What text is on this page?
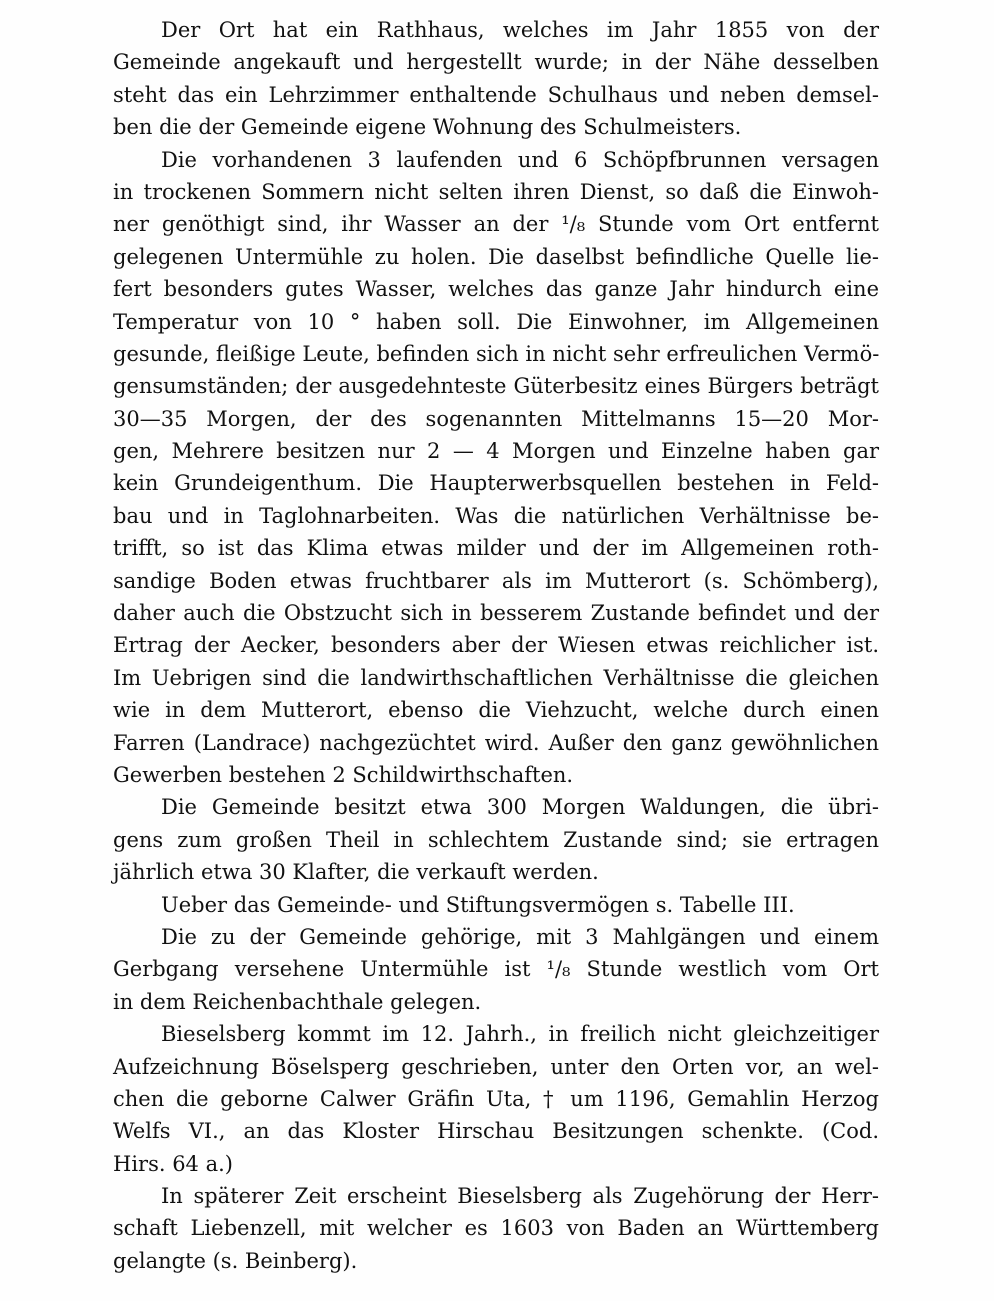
Der Ort hat ein Rathhaus, welches im Jahr 1855 von der
Gemeinde angekauft und hergestellt wurde; in der Nähe desselben
steht das ein Lehrzimmer enthaltende Schulhaus und neben demsel-
ben die der Gemeinde eigene Wohnung des Schulmeisters.
Die vorhandenen 3 laufenden und 6 Schöpfbrunnen versagen
in trockenen Sommern nicht selten ihren Dienst, so daß die Einwoh-
ner genöthigt sind, ihr Wasser an der ¹/₈ Stunde vom Ort entfernt
gelegenen Untermühle zu holen. Die daselbst befindliche Quelle lie-
fert besonders gutes Wasser, welches das ganze Jahr hindurch eine
Temperatur von 10 ° haben soll. Die Einwohner, im Allgemeinen
gesunde, fleißige Leute, befinden sich in nicht sehr erfreulichen Vermö-
gensumständen; der ausgedehnteste Güterbesitz eines Bürgers beträgt
30—35 Morgen, der des sogenannten Mittelmanns 15—20 Mor-
gen, Mehrere besitzen nur 2 — 4 Morgen und Einzelne haben gar
kein Grundeigenthum. Die Haupterwerbsquellen bestehen in Feld-
bau und in Taglohnarbeiten. Was die natürlichen Verhältnisse be-
trifft, so ist das Klima etwas milder und der im Allgemeinen roth-
sandige Boden etwas fruchtbarer als im Mutterort (s. Schömberg),
daher auch die Obstzucht sich in besserem Zustande befindet und der
Ertrag der Aecker, besonders aber der Wiesen etwas reichlicher ist.
Im Uebrigen sind die landwirthschaftlichen Verhältnisse die gleichen
wie in dem Mutterort, ebenso die Viehzucht, welche durch einen
Farren (Landrace) nachgezüchtet wird. Außer den ganz gewöhnlichen
Gewerben bestehen 2 Schildwirthschaften.
Die Gemeinde besitzt etwa 300 Morgen Waldungen, die übri-
gens zum großen Theil in schlechtem Zustande sind; sie ertragen
jährlich etwa 30 Klafter, die verkauft werden.
Ueber das Gemeinde- und Stiftungsvermögen s. Tabelle III.
Die zu der Gemeinde gehörige, mit 3 Mahlgängen und einem
Gerbgang versehene Untermühle ist ¹/₈ Stunde westlich vom Ort
in dem Reichenbachthale gelegen.
Bieselsberg kommt im 12. Jahrh., in freilich nicht gleichzeitiger
Aufzeichnung Böselsperg geschrieben, unter den Orten vor, an wel-
chen die geborne Calwer Gräfin Uta, † um 1196, Gemahlin Herzog
Welfs VI., an das Kloster Hirschau Besitzungen schenkte. (Cod.
Hirs. 64 a.)
In späterer Zeit erscheint Bieselsberg als Zugehörung der Herr-
schaft Liebenzell, mit welcher es 1603 von Baden an Württemberg
gelangte (s. Beinberg).
